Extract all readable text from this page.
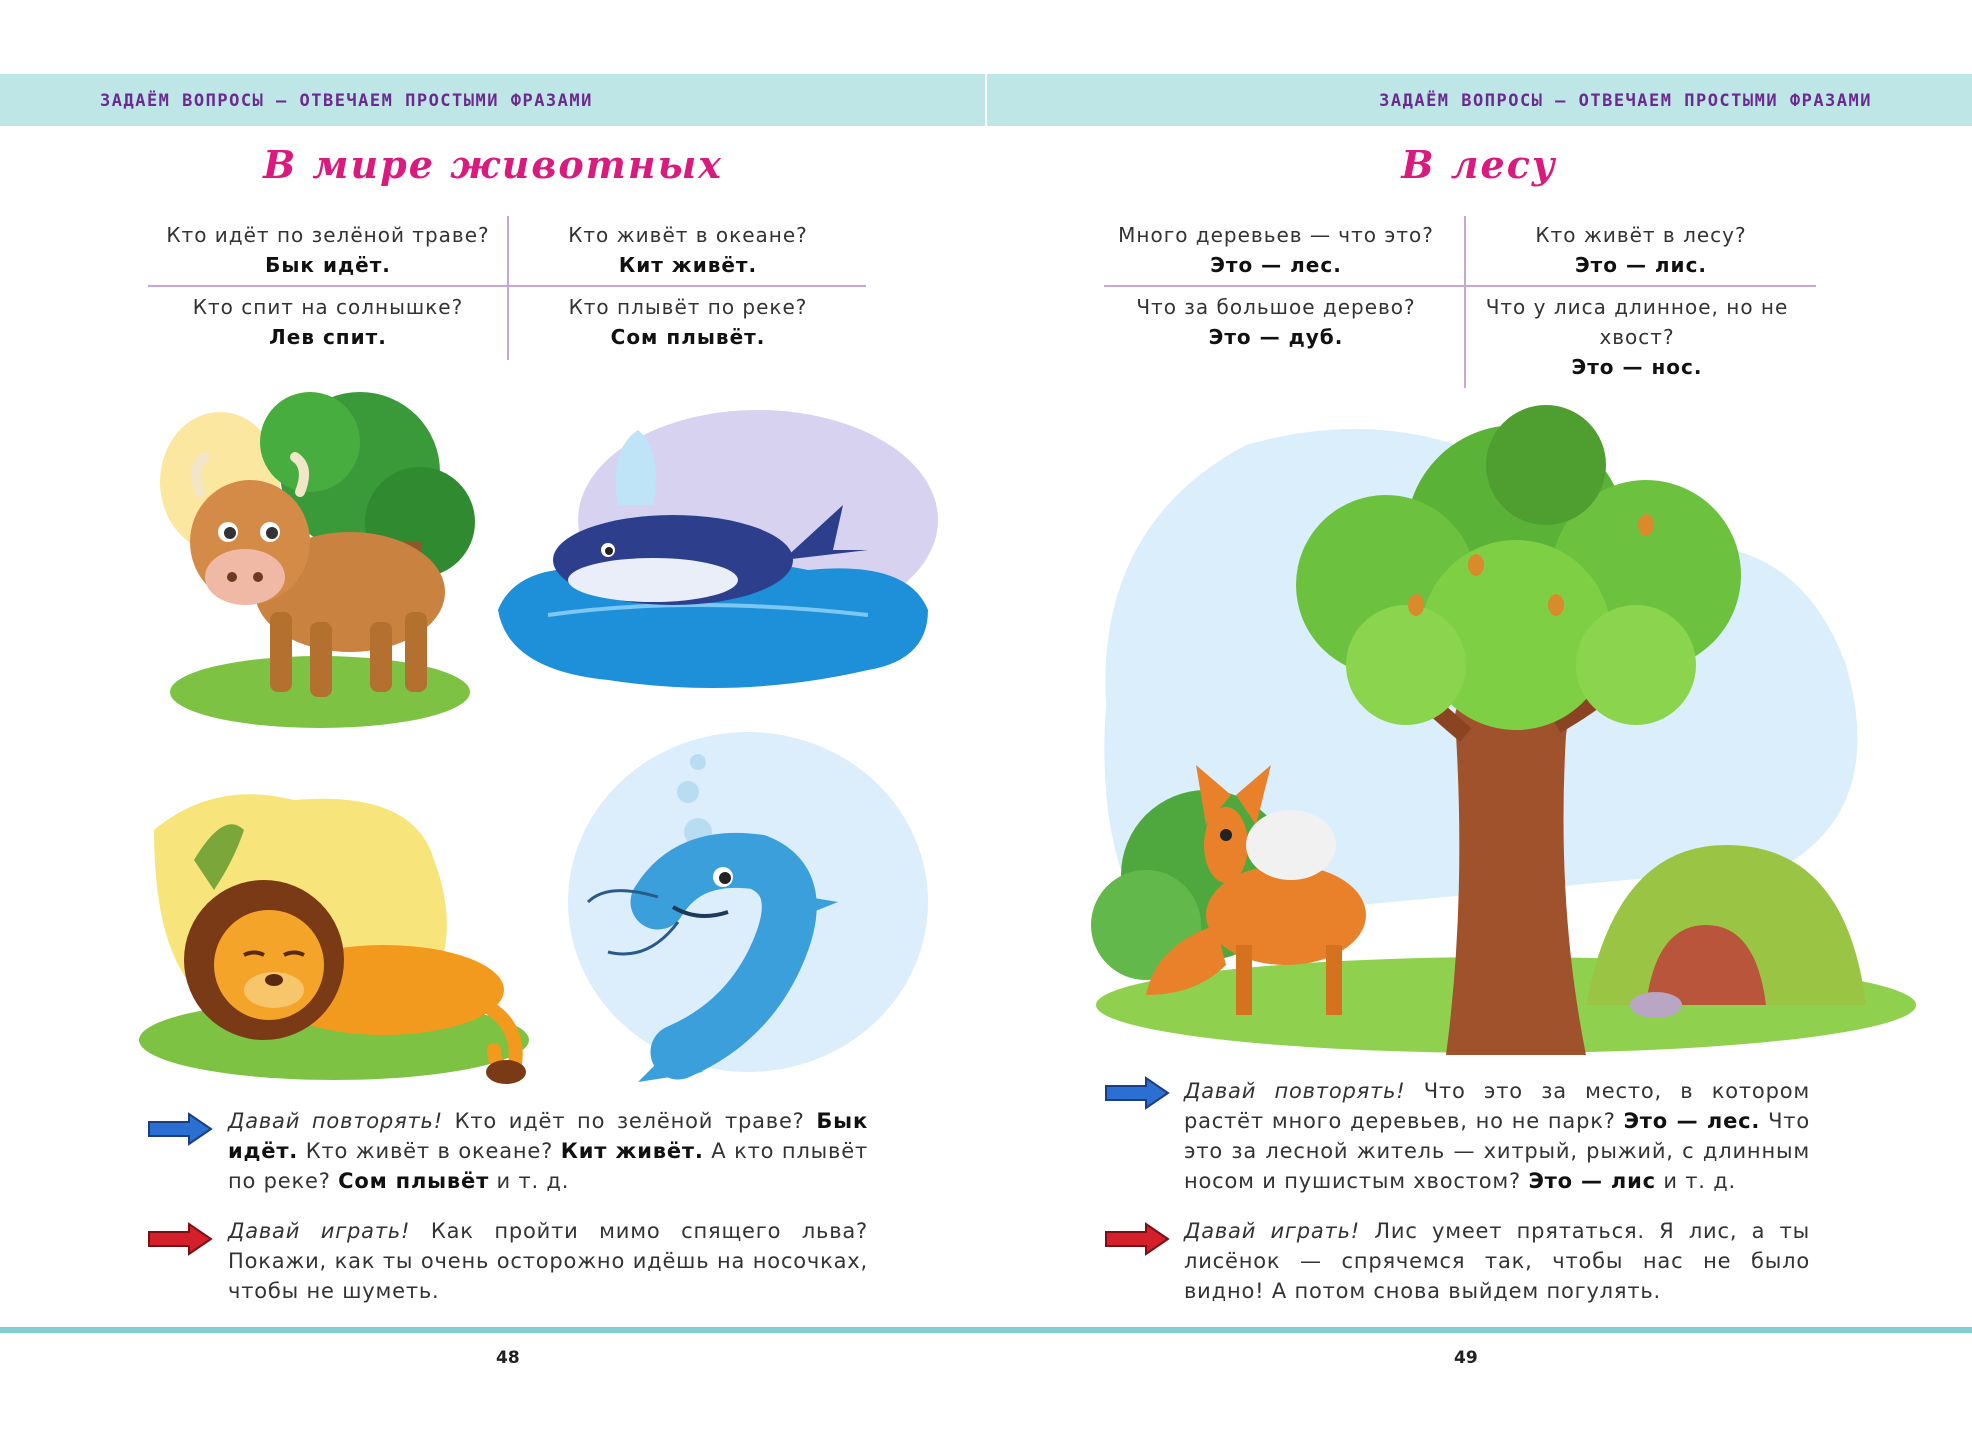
ЗАДАЁМ ВОПРОСЫ — ОТВЕЧАЕМ ПРОСТЫМИ ФРАЗАМИ
В мире животных
Кто идёт по зелёной траве?
Бык идёт.
Кто живёт в океане?
Кит живёт.
Кто спит на солнышке?
Лев спит.
Кто плывёт по реке?
Сом плывёт.
Давай повторять! Кто идёт по зелёной траве? Бык идёт. Кто живёт в океане? Кит живёт. А кто плывёт по реке? Сом плывёт и т. д.
Давай играть! Как пройти мимо спящего льва? Покажи, как ты очень осторожно идёшь на носочках, чтобы не шуметь.
48
ЗАДАЁМ ВОПРОСЫ — ОТВЕЧАЕМ ПРОСТЫМИ ФРАЗАМИ
В лесу
Много деревьев — что это?
Это — лес.
Кто живёт в лесу?
Это — лис.
Что за большое дерево?
Это — дуб.
Что у лиса длинное, но не хвост?
Это — нос.
Давай повторять! Что это за место, в котором растёт много деревьев, но не парк? Это — лес. Что это за лесной житель — хитрый, рыжий, с длинным носом и пушистым хвостом? Это — лис и т. д.
Давай играть! Лис умеет прятаться. Я лис, а ты лисёнок — спрячемся так, чтобы нас не было видно! А потом снова выйдем погулять.
49
